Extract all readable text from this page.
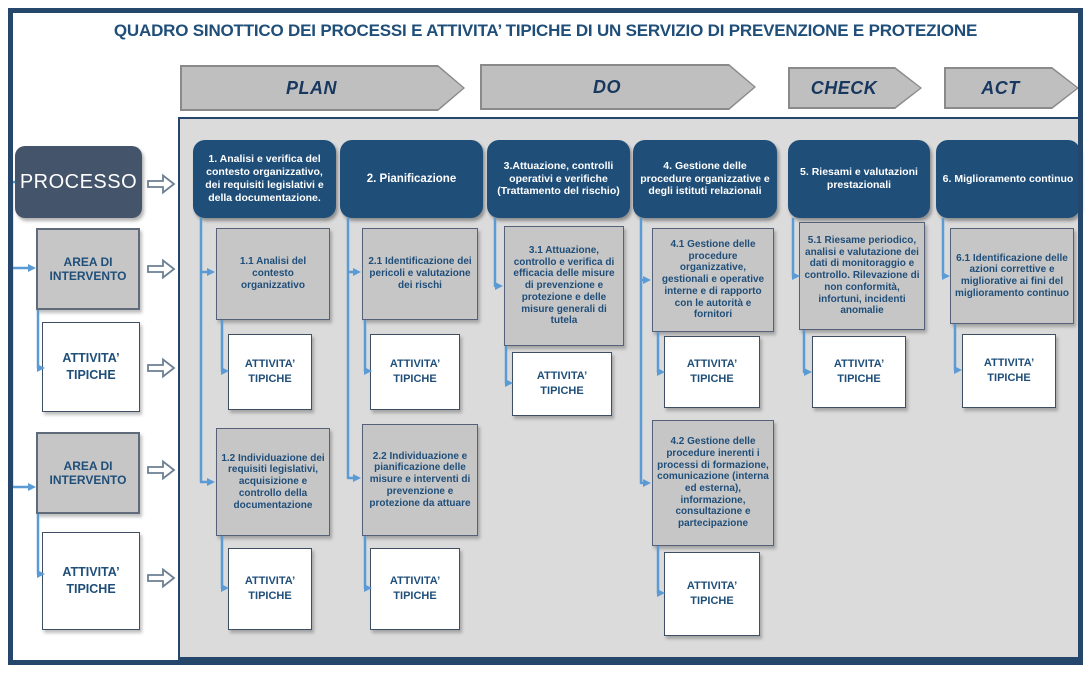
QUADRO SINOTTICO DEI PROCESSI E ATTIVITA’ TIPICHE DI UN SERVIZIO DI PREVENZIONE E PROTEZIONE
PLAN	DO	CHECK	ACT
PROCESSO
AREA DI INTERVENTO
ATTIVITA’ TIPICHE
AREA DI INTERVENTO
ATTIVITA’ TIPICHE
1. Analisi e verifica del contesto organizzativo, dei requisiti legislativi e della documentazione.
2. Pianificazione
3.Attuazione, controlli operativi e verifiche (Trattamento del rischio)
4. Gestione delle procedure organizzative e degli istituti relazionali
5. Riesami e valutazioni prestazionali
6. Miglioramento continuo
1.1 Analisi del contesto organizzativo
ATTIVITA’ TIPICHE
1.2 Individuazione dei requisiti legislativi, acquisizione e controllo della documentazione
ATTIVITA’ TIPICHE
2.1 Identificazione dei pericoli e valutazione dei rischi
ATTIVITA’ TIPICHE
2.2 Individuazione e pianificazione delle misure e interventi di prevenzione e protezione da attuare
ATTIVITA’ TIPICHE
3.1 Attuazione, controllo e verifica di efficacia delle misure di prevenzione e protezione e delle misure generali di tutela
ATTIVITA’ TIPICHE
4.1 Gestione delle procedure organizzative, gestionali e operative interne e di rapporto con le autorità e fornitori
ATTIVITA’ TIPICHE
4.2 Gestione delle procedure inerenti i processi di formazione, comunicazione (interna ed esterna), informazione, consultazione e partecipazione
ATTIVITA’ TIPICHE
5.1 Riesame periodico, analisi e valutazione dei dati di monitoraggio e controllo. Rilevazione di non conformità, infortuni, incidenti anomalie
ATTIVITA’ TIPICHE
6.1 Identificazione delle azioni correttive e migliorative ai fini del miglioramento continuo
ATTIVITA’ TIPICHE
